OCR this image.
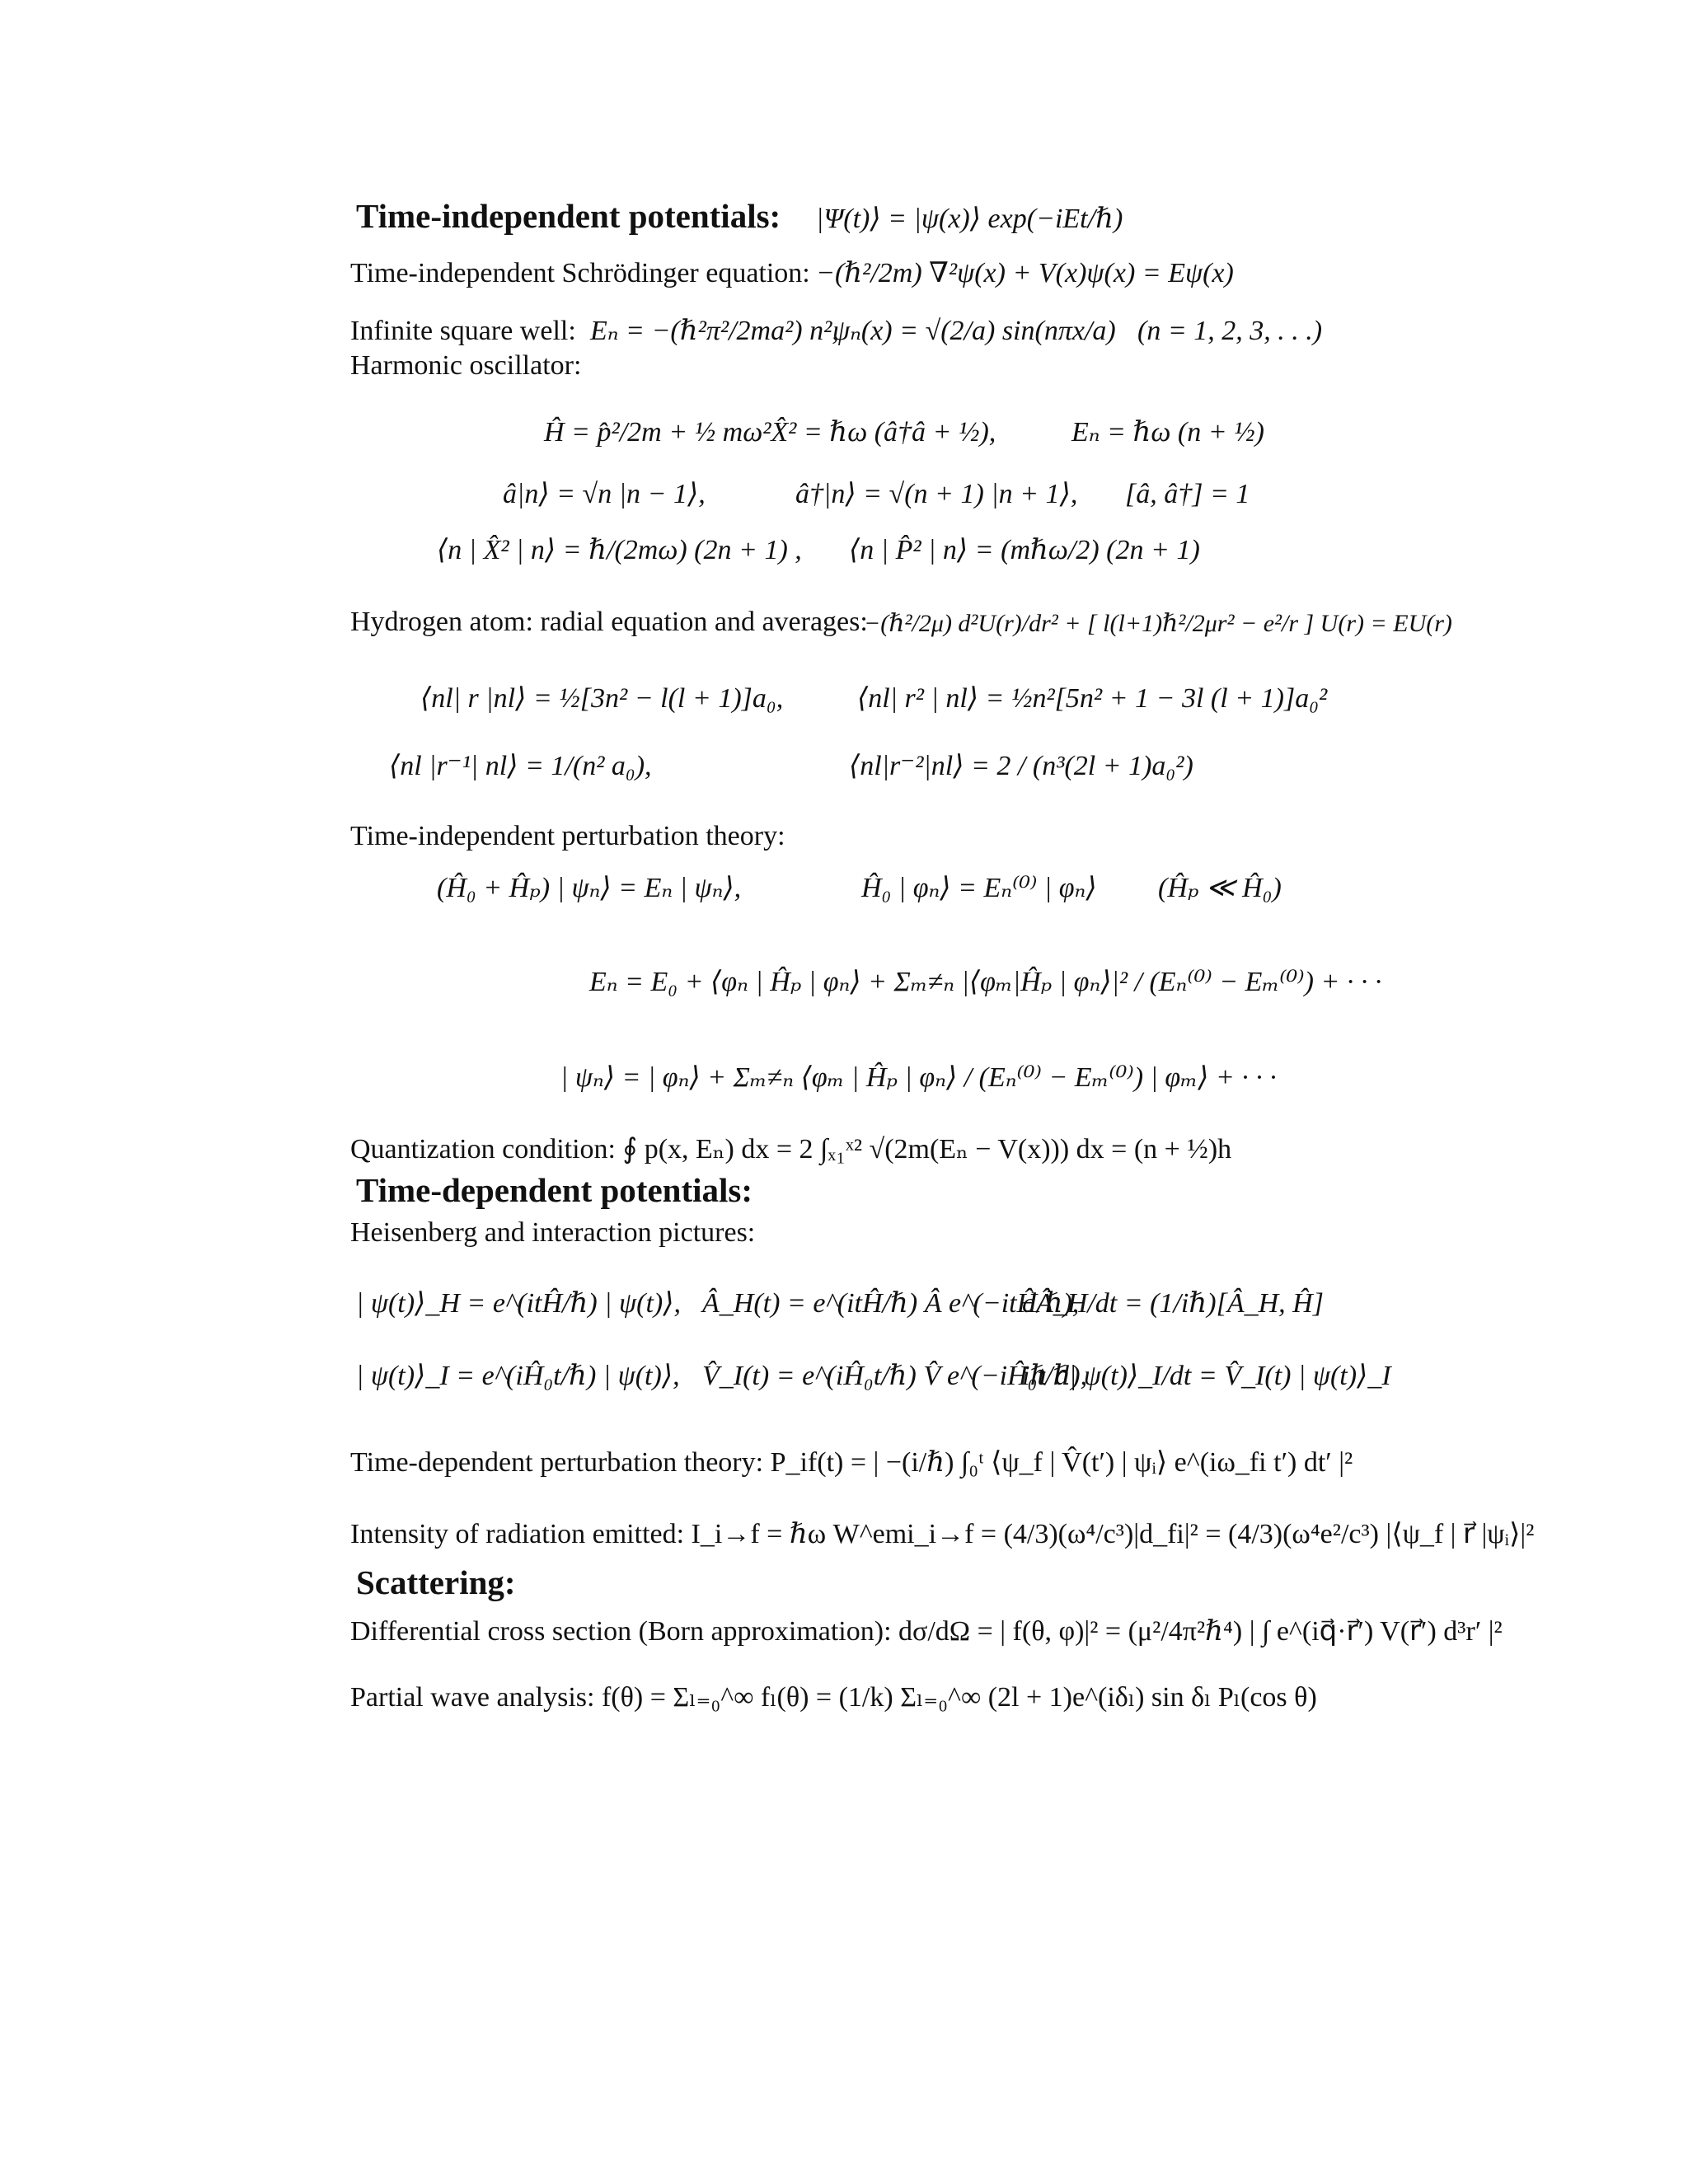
Time-independent potentials: |Ψ(t)⟩ = |ψ(x)⟩ exp(−iEt/ℏ)
Time-independent Schrödinger equation: −(ℏ²/2m) ∇²ψ(x) + V(x)ψ(x) = Eψ(x)
Infinite square well: Eₙ = −(ℏ²π²/2ma²) n²,
ψₙ(x) = √(2/a) sin(nπx/a) (n = 1, 2, 3, . . .)
Harmonic oscillator:
Ĥ = p̂²/2m + ½ mω²X̂² = ℏω (â†â + ½),	Eₙ = ℏω (n + ½)
â|n⟩ = √n |n − 1⟩,	â†|n⟩ = √(n + 1) |n + 1⟩, [â, â†] = 1
⟨n | X̂² | n⟩ = ℏ/(2mω) (2n + 1) , ⟨n | P̂² | n⟩ = (mℏω/2) (2n + 1)
Hydrogen atom: radial equation and averages:
−(ℏ²/2μ) d²U(r)/dr² + [ l(l+1)ℏ²/2μr² − e²/r ] U(r) = EU(r)
⟨nl| r |nl⟩ = ½[3n² − l(l + 1)]a₀,	⟨nl| r² | nl⟩ = ½n²[5n² + 1 − 3l (l + 1)]a₀²
⟨nl |r⁻¹| nl⟩ = 1/(n² a₀),	⟨nl|r⁻²|nl⟩ = 2 / (n³(2l + 1)a₀²)
Time-independent perturbation theory:
(Ĥ₀ + Ĥₚ) | ψₙ⟩ = Eₙ | ψₙ⟩,	Ĥ₀ | φₙ⟩ = Eₙ⁽⁰⁾ | φₙ⟩ (Ĥₚ ≪ Ĥ₀)
Eₙ = E₀ + ⟨φₙ | Ĥₚ | φₙ⟩ + Σₘ≠ₙ |⟨φₘ|Ĥₚ | φₙ⟩|² / (Eₙ⁽⁰⁾ − Eₘ⁽⁰⁾) + · · ·
| ψₙ⟩ = | φₙ⟩ + Σₘ≠ₙ ⟨φₘ | Ĥₚ | φₙ⟩ / (Eₙ⁽⁰⁾ − Eₘ⁽⁰⁾) | φₘ⟩ + · · ·
Quantization condition: ∮ p(x, Eₙ) dx = 2 ∫ₓ₁ˣ² √(2m(Eₙ − V(x))) dx = (n + ½)h
Time-dependent potentials:
Heisenberg and interaction pictures:
| ψ(t)⟩_H = e^(itĤ/ℏ) | ψ(t)⟩, Â_H(t) = e^(itĤ/ℏ) Â e^(−itĤ/ℏ),
dÂ_H/dt = (1/iℏ)[Â_H, Ĥ]
| ψ(t)⟩_I = e^(iĤ₀t/ℏ) | ψ(t)⟩, V̂_I(t) = e^(iĤ₀t/ℏ) V̂ e^(−iĤ₀t/ℏ),
iℏ d| ψ(t)⟩_I/dt = V̂_I(t) | ψ(t)⟩_I
Time-dependent perturbation theory: P_if(t) = | −(i/ℏ) ∫₀ᵗ ⟨ψ_f | V̂(t′) | ψᵢ⟩ e^(iω_fi t′) dt′ |²
Intensity of radiation emitted: I_i→f = ℏω W^emi_i→f = (4/3)(ω⁴/c³)|d_fi|² = (4/3)(ω⁴e²/c³) |⟨ψ_f | r⃗ |ψᵢ⟩|²
Scattering:
Differential cross section (Born approximation): dσ/dΩ = | f(θ, φ)|² = (μ²/4π²ℏ⁴) | ∫ e^(iq⃗·r⃗′) V(r⃗′) d³r′ |²
Partial wave analysis: f(θ) = Σₗ₌₀^∞ fₗ(θ) = (1/k) Σₗ₌₀^∞ (2l + 1)e^(iδₗ) sin δₗ Pₗ(cos θ)
